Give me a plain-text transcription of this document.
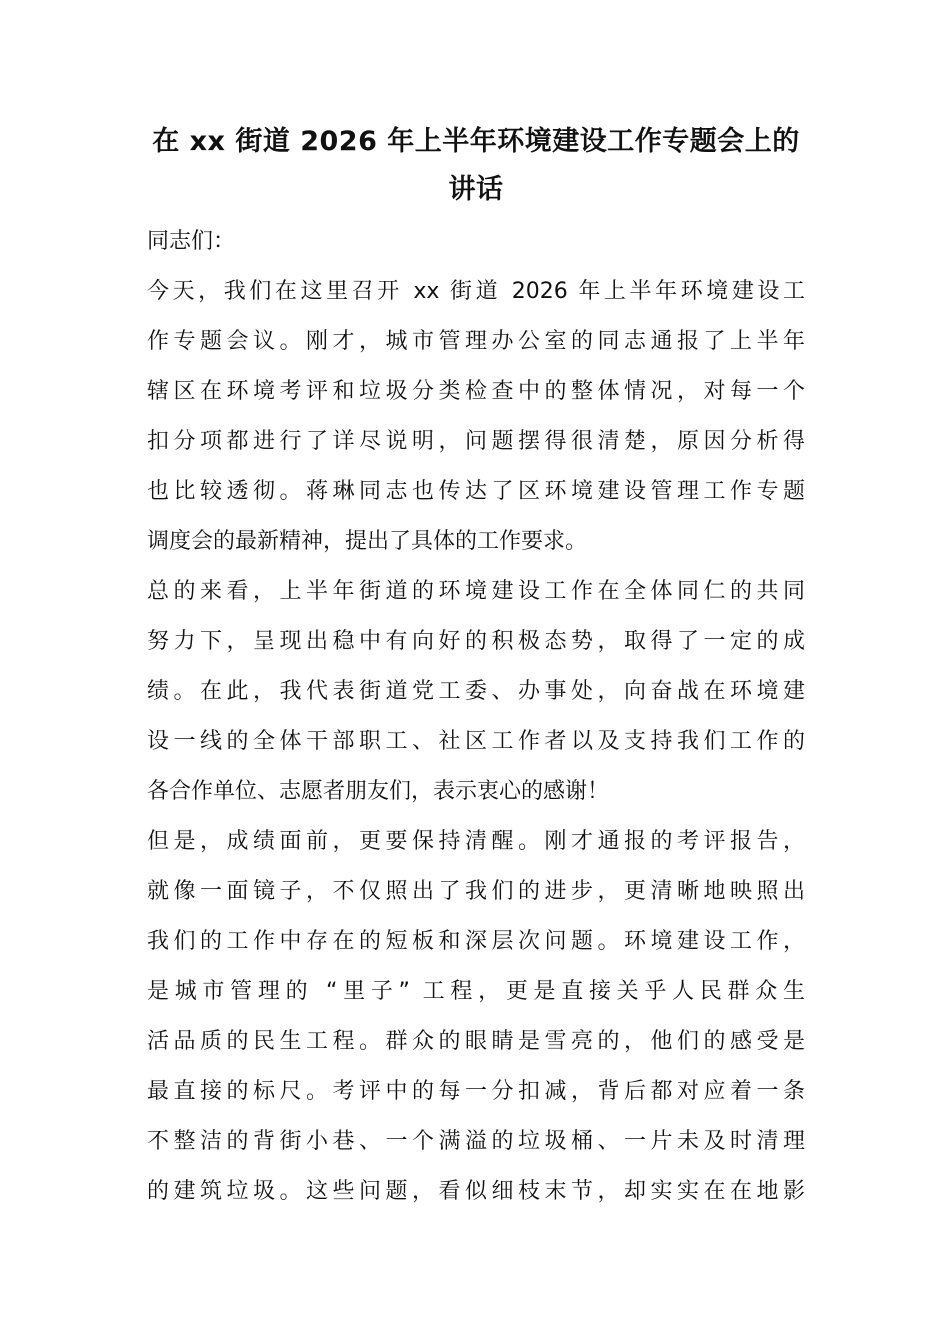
在 xx 街道 2026 年上半年环境建设工作专题会上的
讲话
同志们：
今天，我们在这里召开 xx 街道 2026 年上半年环境建设工
作专题会议。刚才，城市管理办公室的同志通报了上半年
辖区在环境考评和垃圾分类检查中的整体情况，对每一个
扣分项都进行了详尽说明，问题摆得很清楚，原因分析得
也比较透彻。蒋琳同志也传达了区环境建设管理工作专题
调度会的最新精神，提出了具体的工作要求。
总的来看，上半年街道的环境建设工作在全体同仁的共同
努力下，呈现出稳中有向好的积极态势，取得了一定的成
绩。在此，我代表街道党工委、办事处，向奋战在环境建
设一线的全体干部职工、社区工作者以及支持我们工作的
各合作单位、志愿者朋友们，表示衷心的感谢！
但是，成绩面前，更要保持清醒。刚才通报的考评报告，
就像一面镜子，不仅照出了我们的进步，更清晰地映照出
我们的工作中存在的短板和深层次问题。环境建设工作，
是城市管理的 “里子” 工程，更是直接关乎人民群众生
活品质的民生工程。群众的眼睛是雪亮的，他们的感受是
最直接的标尺。考评中的每一分扣减，背后都对应着一条
不整洁的背街小巷、一个满溢的垃圾桶、一片未及时清理
的建筑垃圾。这些问题，看似细枝末节，却实实在在地影
